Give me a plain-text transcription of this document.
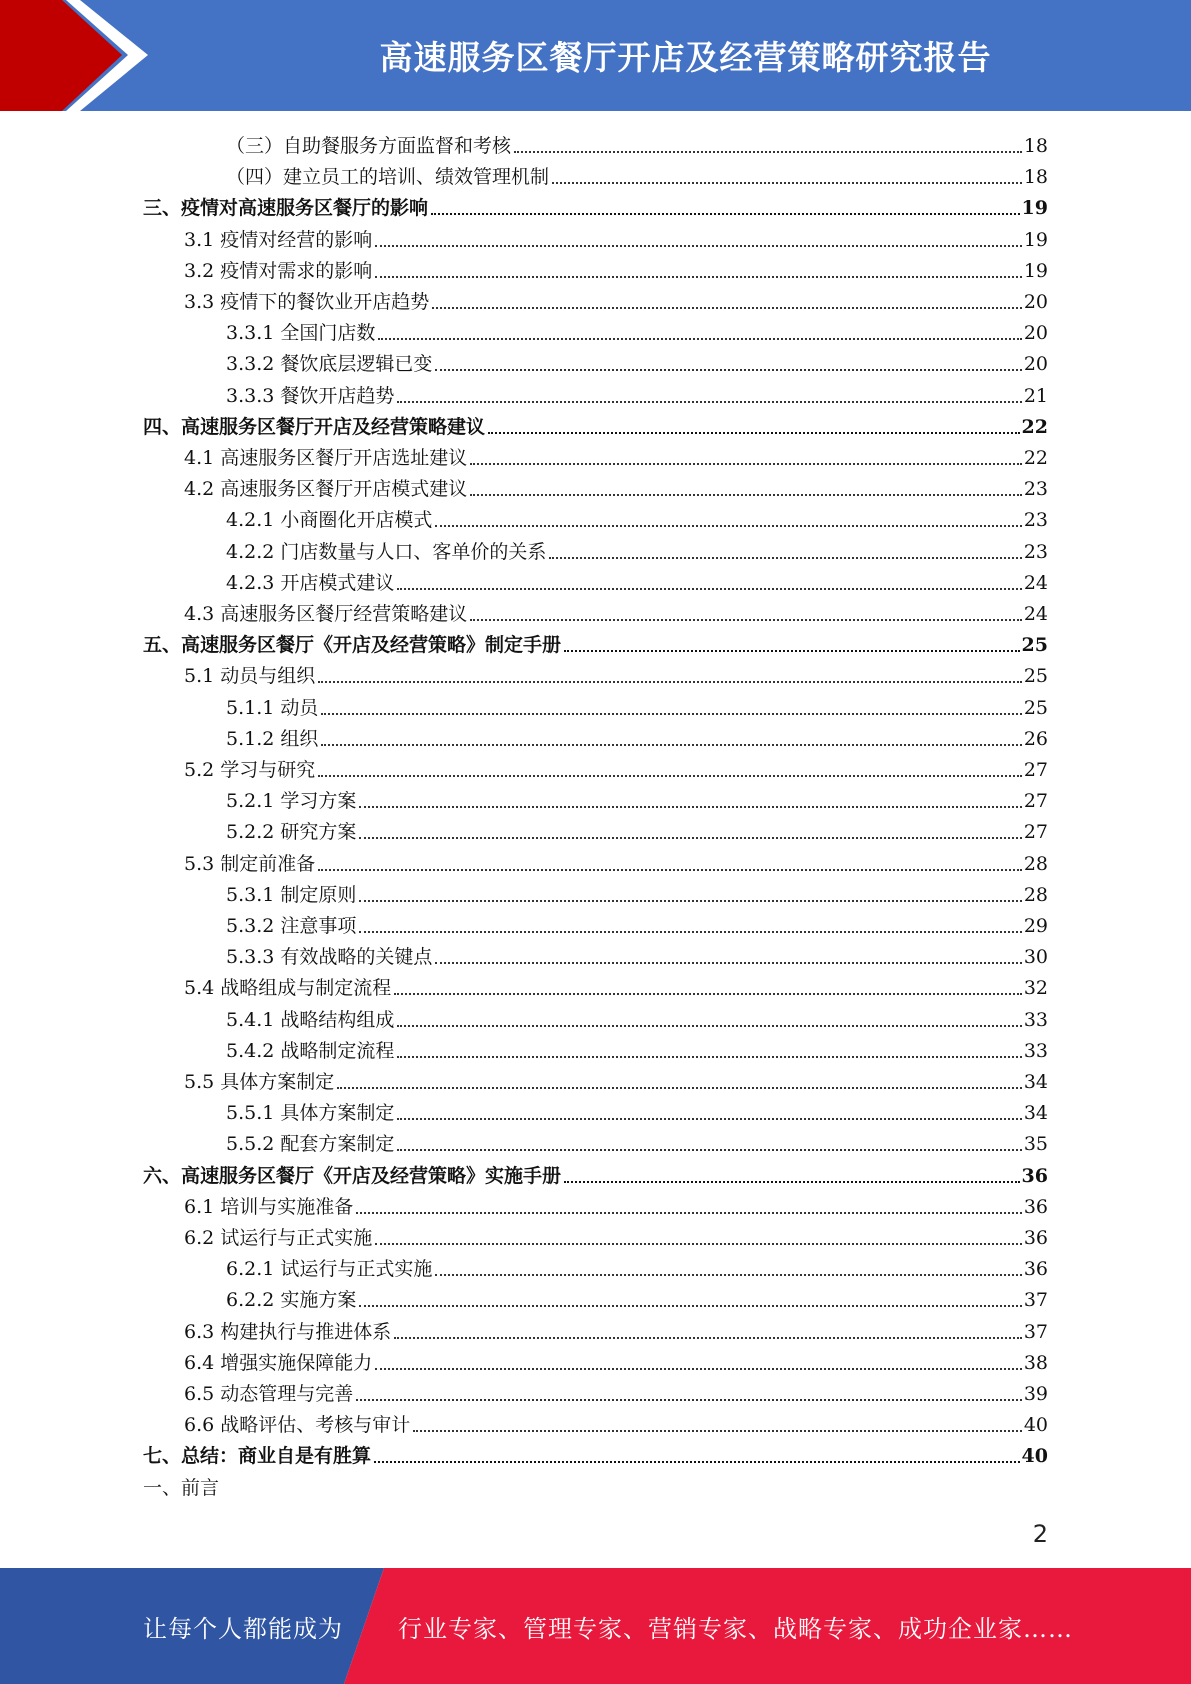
高速服务区餐厅开店及经营策略研究报告
（三）自助餐服务方面监督和考核	18
（四）建立员工的培训、绩效管理机制	18
三、疫情对高速服务区餐厅的影响	19
3.1 疫情对经营的影响	19
3.2 疫情对需求的影响	19
3.3 疫情下的餐饮业开店趋势	20
3.3.1 全国门店数	20
3.3.2 餐饮底层逻辑已变	20
3.3.3 餐饮开店趋势	21
四、高速服务区餐厅开店及经营策略建议	22
4.1 高速服务区餐厅开店选址建议	22
4.2 高速服务区餐厅开店模式建议	23
4.2.1 小商圈化开店模式	23
4.2.2 门店数量与人口、客单价的关系	23
4.2.3 开店模式建议	24
4.3 高速服务区餐厅经营策略建议	24
五、高速服务区餐厅《开店及经营策略》制定手册	25
5.1 动员与组织	25
5.1.1 动员	25
5.1.2 组织	26
5.2 学习与研究	27
5.2.1 学习方案	27
5.2.2 研究方案	27
5.3 制定前准备	28
5.3.1 制定原则	28
5.3.2 注意事项	29
5.3.3 有效战略的关键点	30
5.4 战略组成与制定流程	32
5.4.1 战略结构组成	33
5.4.2 战略制定流程	33
5.5 具体方案制定	34
5.5.1 具体方案制定	34
5.5.2 配套方案制定	35
六、高速服务区餐厅《开店及经营策略》实施手册	36
6.1 培训与实施准备	36
6.2 试运行与正式实施	36
6.2.1 试运行与正式实施	36
6.2.2 实施方案	37
6.3 构建执行与推进体系	37
6.4 增强实施保障能力	38
6.5 动态管理与完善	39
6.6 战略评估、考核与审计	40
七、总结：商业自是有胜算	40
一、前言
2
让每个人都能成为 行业专家、管理专家、营销专家、战略专家、成功企业家……
